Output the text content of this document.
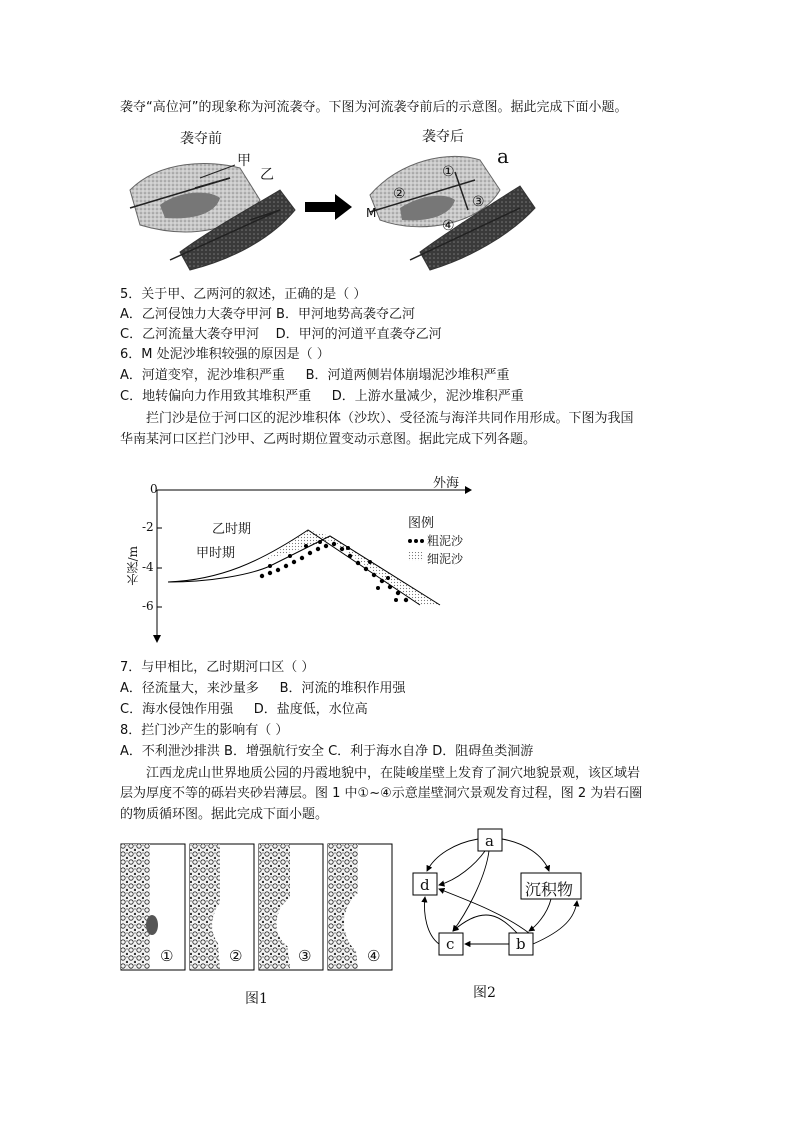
袭夺“高位河”的现象称为河流袭夺。下图为河流袭夺前后的示意图。据此完成下面小题。
袭夺前	袭夺后
甲
乙
a
M
①
②	③
④
5．关于甲、乙两河的叙述，正确的是（ ）
A．乙河侵蚀力大袭夺甲河 B．甲河地势高袭夺乙河
C．乙河流量大袭夺甲河 D．甲河的河道平直袭夺乙河
6．M 处泥沙堆积较强的原因是（ ）
A．河道变窄，泥沙堆积严重 B．河道两侧岩体崩塌泥沙堆积严重
C．地转偏向力作用致其堆积严重 D．上游水量减少，泥沙堆积严重
拦门沙是位于河口区的泥沙堆积体（沙坎）、受径流与海洋共同作用形成。下图为我国
华南某河口区拦门沙甲、乙两时期位置变动示意图。据此完成下列各题。
0
-2
-4
-6
水深/m
外海
乙时期
甲时期
图例
粗泥沙
细泥沙
7．与甲相比，乙时期河口区（ ）
A．径流量大，来沙量多 B．河流的堆积作用强
C．海水侵蚀作用强 D．盐度低，水位高
8．拦门沙产生的影响有（ ）
A．不利泄沙排洪 B．增强航行安全 C．利于海水自净 D．阻碍鱼类洄游
江西龙虎山世界地质公园的丹霞地貌中，在陡峻崖壁上发育了洞穴地貌景观，该区域岩
层为厚度不等的砾岩夹砂岩薄层。图 1 中①~④示意崖壁洞穴景观发育过程，图 2 为岩石圈
的物质循环图。据此完成下面小题。
①	②	③	④
图1
a
d	沉积物
c	b
图2
